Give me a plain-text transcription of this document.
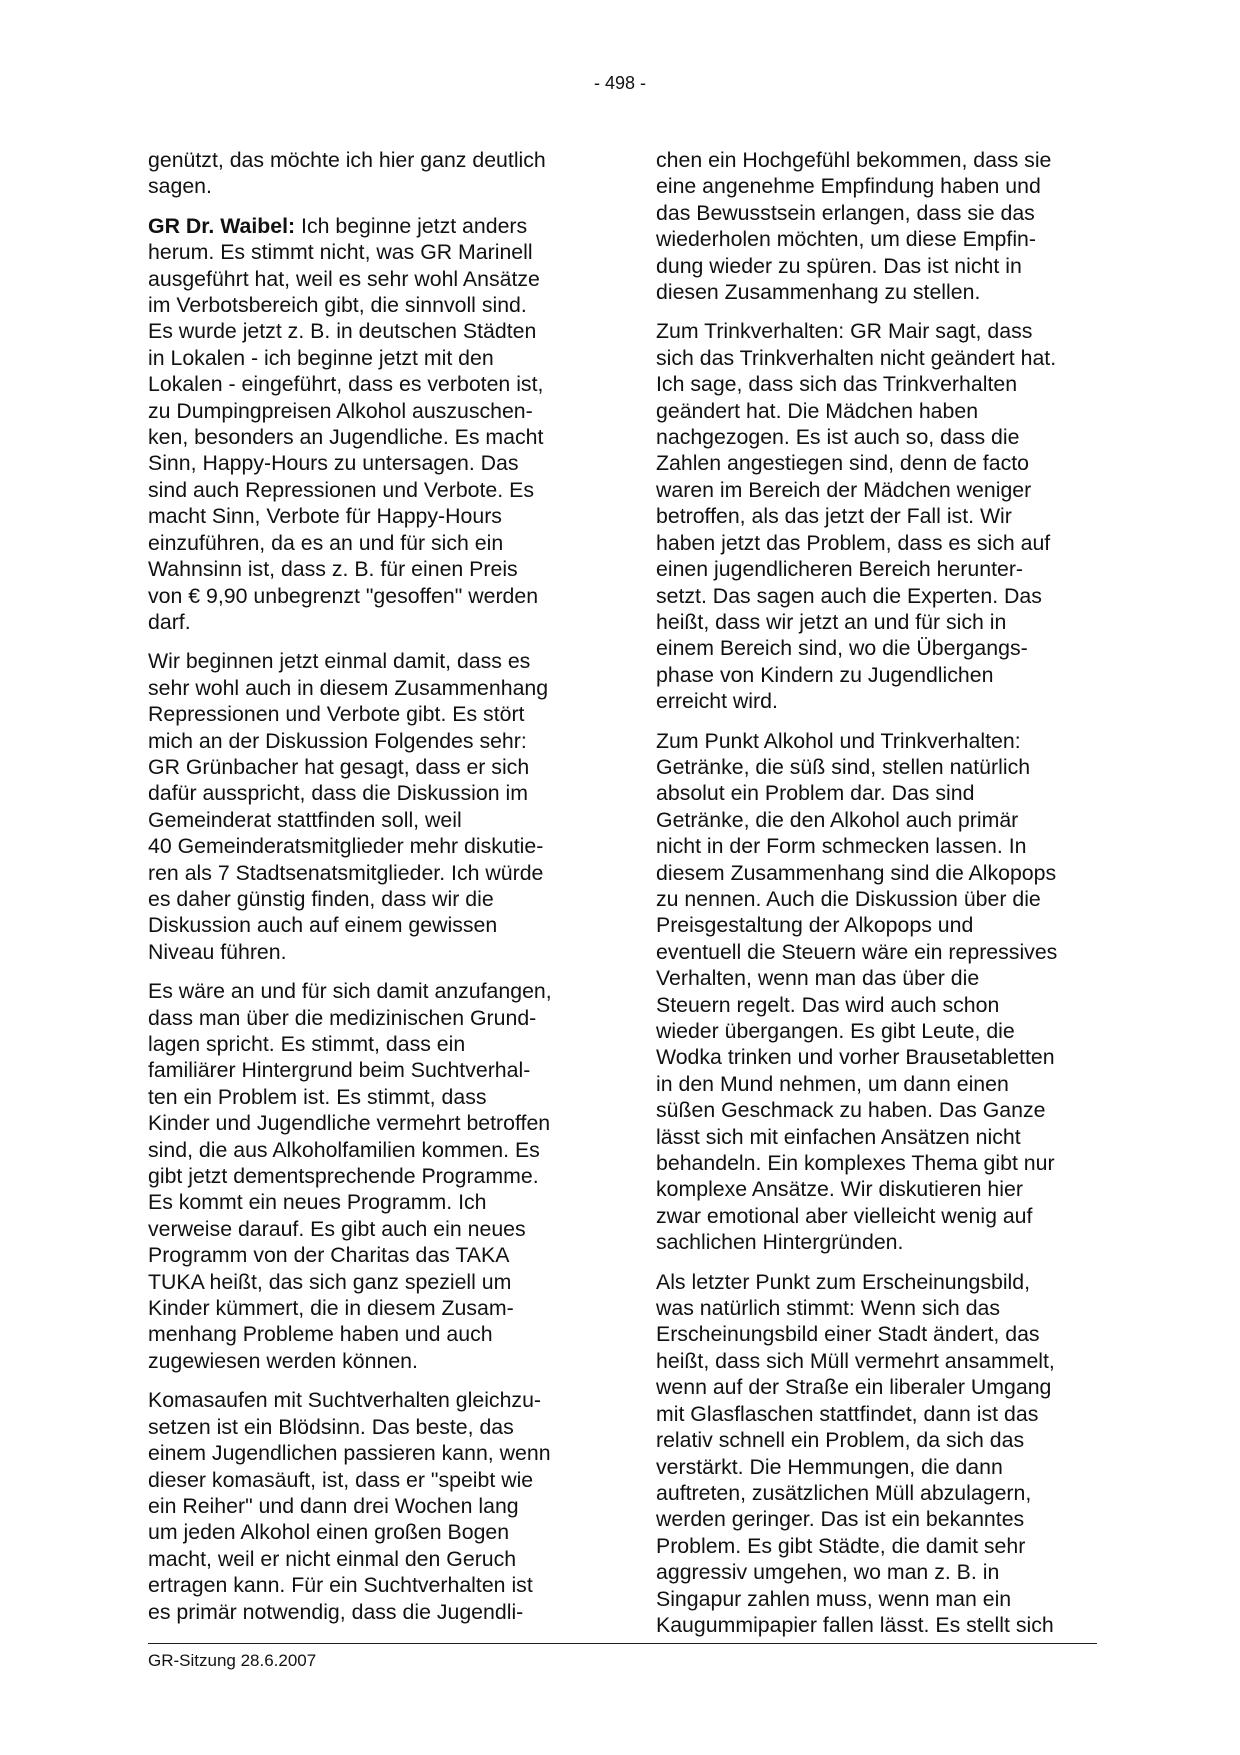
- 498 -

genützt, das möchte ich hier ganz deutlich
sagen.

GR Dr. Waibel: Ich beginne jetzt anders
herum. Es stimmt nicht, was GR Marinell
ausgeführt hat, weil es sehr wohl Ansätze
im Verbotsbereich gibt, die sinnvoll sind.
Es wurde jetzt z. B. in deutschen Städten
in Lokalen - ich beginne jetzt mit den
Lokalen - eingeführt, dass es verboten ist,
zu Dumpingpreisen Alkohol auszuschen-
ken, besonders an Jugendliche. Es macht
Sinn, Happy-Hours zu untersagen. Das
sind auch Repressionen und Verbote. Es
macht Sinn, Verbote für Happy-Hours
einzuführen, da es an und für sich ein
Wahnsinn ist, dass z. B. für einen Preis
von € 9,90 unbegrenzt "gesoffen" werden
darf.

Wir beginnen jetzt einmal damit, dass es
sehr wohl auch in diesem Zusammenhang
Repressionen und Verbote gibt. Es stört
mich an der Diskussion Folgendes sehr:
GR Grünbacher hat gesagt, dass er sich
dafür ausspricht, dass die Diskussion im
Gemeinderat stattfinden soll, weil
40 Gemeinderatsmitglieder mehr diskutie-
ren als 7 Stadtsenatsmitglieder. Ich würde
es daher günstig finden, dass wir die
Diskussion auch auf einem gewissen
Niveau führen.

Es wäre an und für sich damit anzufangen,
dass man über die medizinischen Grund-
lagen spricht. Es stimmt, dass ein
familiärer Hintergrund beim Suchtverhal-
ten ein Problem ist. Es stimmt, dass
Kinder und Jugendliche vermehrt betroffen
sind, die aus Alkoholfamilien kommen. Es
gibt jetzt dementsprechende Programme.
Es kommt ein neues Programm. Ich
verweise darauf. Es gibt auch ein neues
Programm von der Charitas das TAKA
TUKA heißt, das sich ganz speziell um
Kinder kümmert, die in diesem Zusam-
menhang Probleme haben und auch
zugewiesen werden können.

Komasaufen mit Suchtverhalten gleichzu-
setzen ist ein Blödsinn. Das beste, das
einem Jugendlichen passieren kann, wenn
dieser komasäuft, ist, dass er "speibt wie
ein Reiher" und dann drei Wochen lang
um jeden Alkohol einen großen Bogen
macht, weil er nicht einmal den Geruch
ertragen kann. Für ein Suchtverhalten ist
es primär notwendig, dass die Jugendli-

chen ein Hochgefühl bekommen, dass sie
eine angenehme Empfindung haben und
das Bewusstsein erlangen, dass sie das
wiederholen möchten, um diese Empfin-
dung wieder zu spüren. Das ist nicht in
diesen Zusammenhang zu stellen.

Zum Trinkverhalten: GR Mair sagt, dass
sich das Trinkverhalten nicht geändert hat.
Ich sage, dass sich das Trinkverhalten
geändert hat. Die Mädchen haben
nachgezogen. Es ist auch so, dass die
Zahlen angestiegen sind, denn de facto
waren im Bereich der Mädchen weniger
betroffen, als das jetzt der Fall ist. Wir
haben jetzt das Problem, dass es sich auf
einen jugendlicheren Bereich herunter-
setzt. Das sagen auch die Experten. Das
heißt, dass wir jetzt an und für sich in
einem Bereich sind, wo die Übergangs-
phase von Kindern zu Jugendlichen
erreicht wird.

Zum Punkt Alkohol und Trinkverhalten:
Getränke, die süß sind, stellen natürlich
absolut ein Problem dar. Das sind
Getränke, die den Alkohol auch primär
nicht in der Form schmecken lassen. In
diesem Zusammenhang sind die Alkopops
zu nennen. Auch die Diskussion über die
Preisgestaltung der Alkopops und
eventuell die Steuern wäre ein repressives
Verhalten, wenn man das über die
Steuern regelt. Das wird auch schon
wieder übergangen. Es gibt Leute, die
Wodka trinken und vorher Brausetabletten
in den Mund nehmen, um dann einen
süßen Geschmack zu haben. Das Ganze
lässt sich mit einfachen Ansätzen nicht
behandeln. Ein komplexes Thema gibt nur
komplexe Ansätze. Wir diskutieren hier
zwar emotional aber vielleicht wenig auf
sachlichen Hintergründen.

Als letzter Punkt zum Erscheinungsbild,
was natürlich stimmt: Wenn sich das
Erscheinungsbild einer Stadt ändert, das
heißt, dass sich Müll vermehrt ansammelt,
wenn auf der Straße ein liberaler Umgang
mit Glasflaschen stattfindet, dann ist das
relativ schnell ein Problem, da sich das
verstärkt. Die Hemmungen, die dann
auftreten, zusätzlichen Müll abzulagern,
werden geringer. Das ist ein bekanntes
Problem. Es gibt Städte, die damit sehr
aggressiv umgehen, wo man z. B. in
Singapur zahlen muss, wenn man ein
Kaugummipapier fallen lässt. Es stellt sich

GR-Sitzung 28.6.2007
